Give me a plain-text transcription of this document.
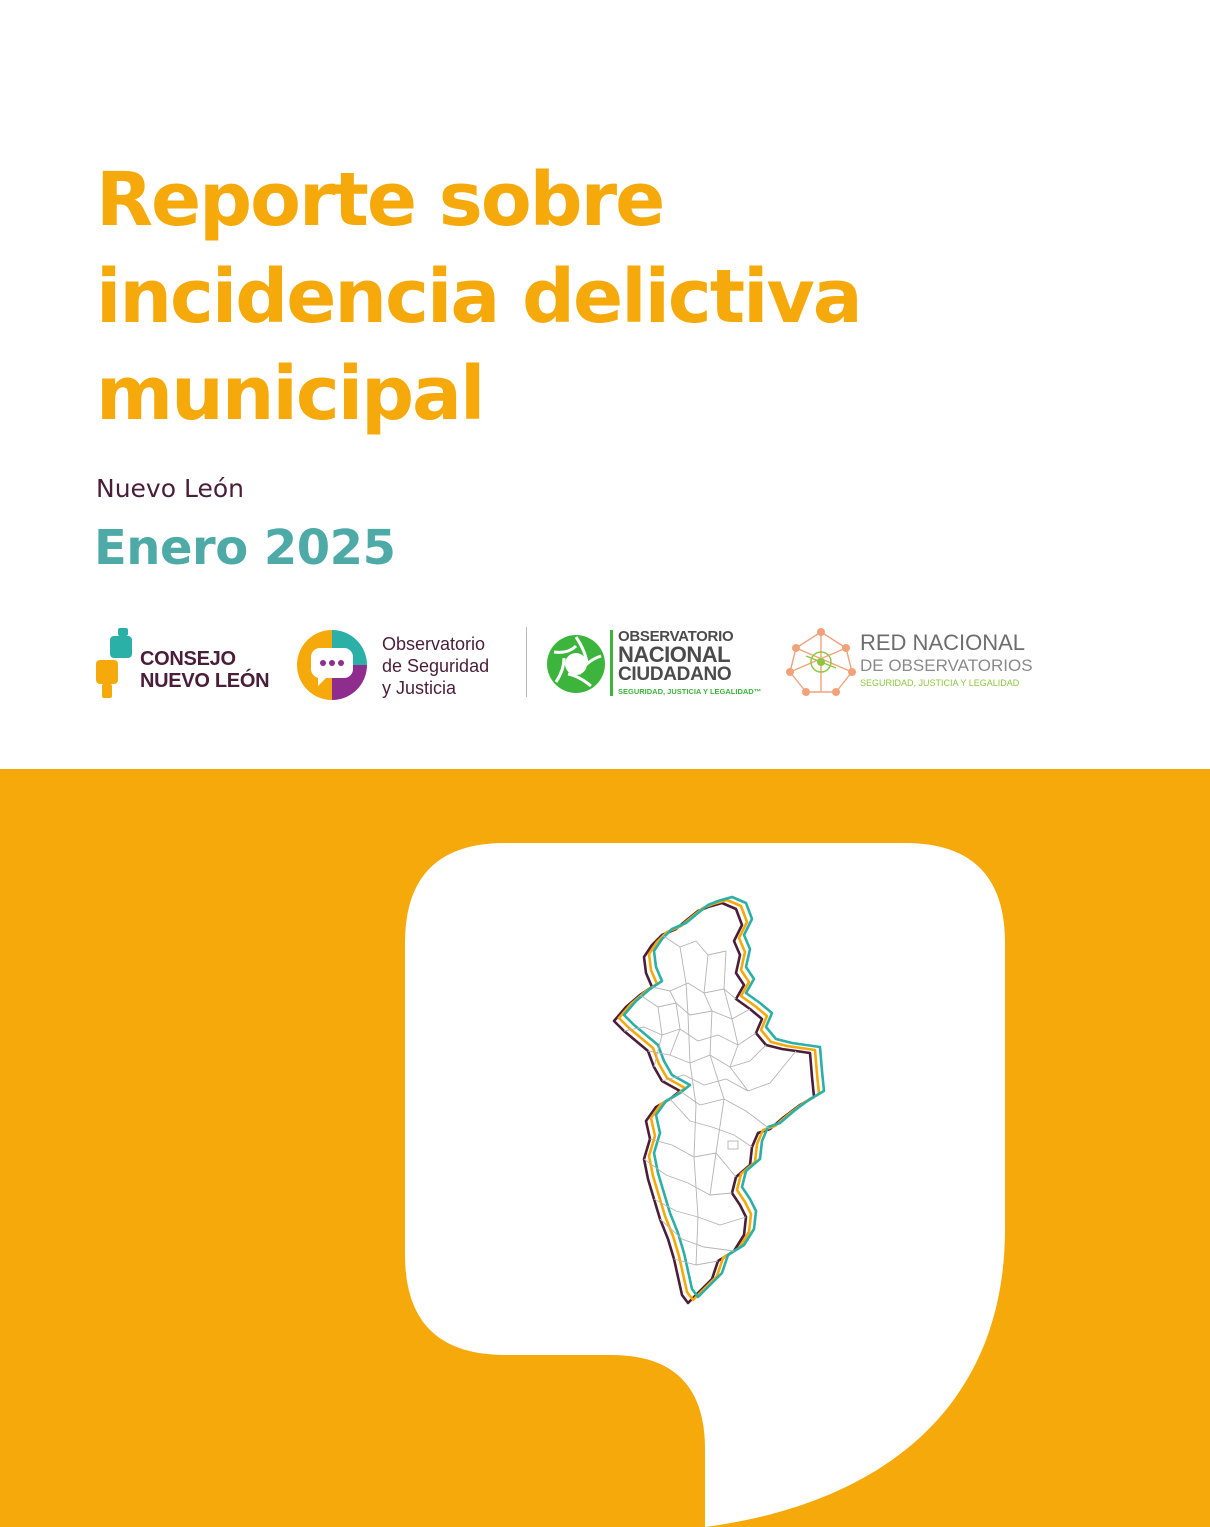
Reporte sobre
incidencia delictiva
municipal
Nuevo León
Enero 2025
CONSEJO
NUEVO LEÓN
Observatorio
de Seguridad
y Justicia
OBSERVATORIO
NACIONAL
CIUDADANO
SEGURIDAD, JUSTICIA Y LEGALIDAD™
RED NACIONAL
DE OBSERVATORIOS
SEGURIDAD, JUSTICIA Y LEGALIDAD
